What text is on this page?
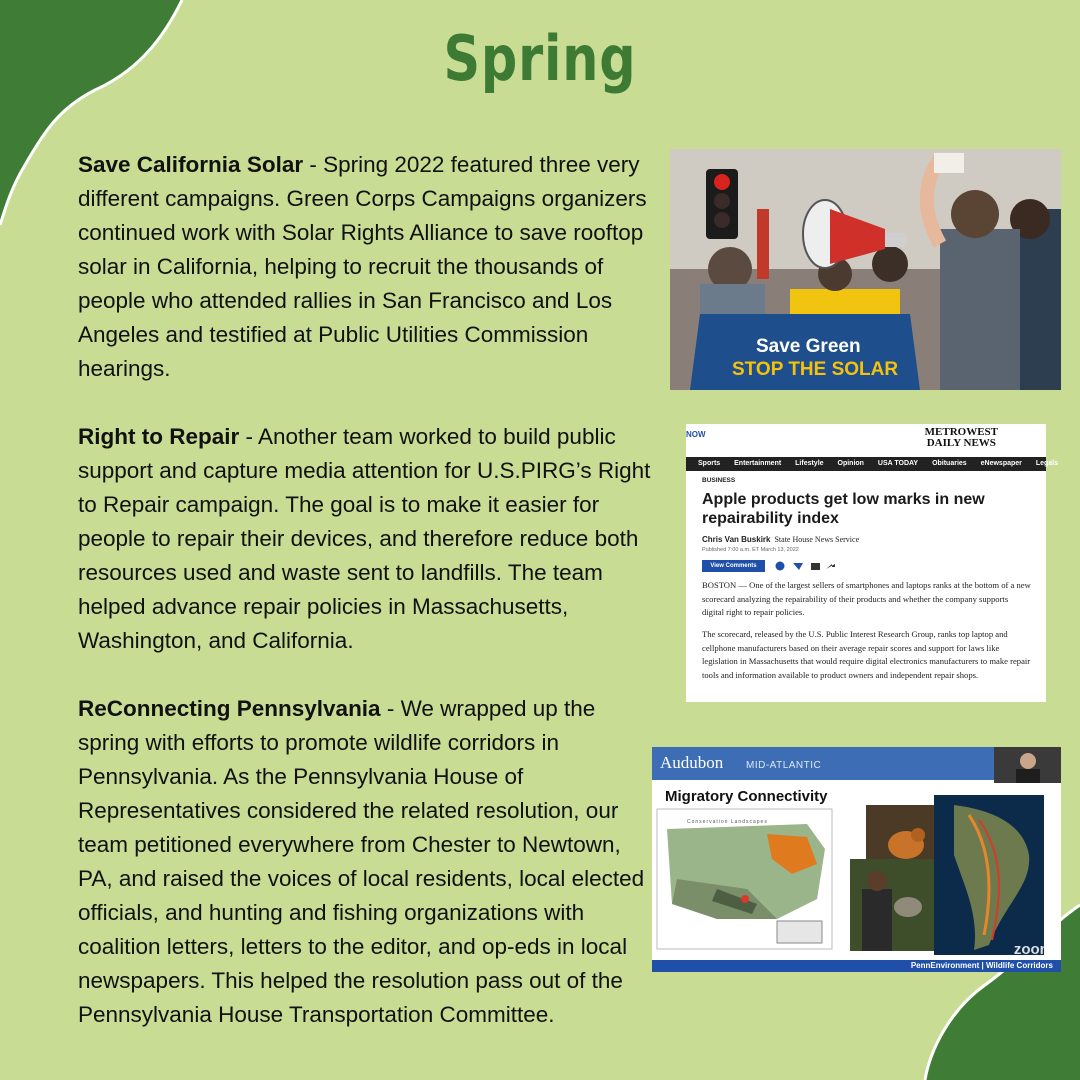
Spring

Save California Solar - Spring 2022 featured three very different campaigns. Green Corps Campaigns organizers continued work with Solar Rights Alliance to save rooftop solar in California, helping to recruit the thousands of people who attended rallies in San Francisco and Los Angeles and testified at Public Utilities Commission hearings.

Right to Repair - Another team worked to build public support and capture media attention for U.S.PIRG’s Right to Repair campaign. The goal is to make it easier for people to repair their devices, and therefore reduce both resources used and waste sent to landfills. The team helped advance repair policies in Massachusetts, Washington, and California.

ReConnecting Pennsylvania - We wrapped up the spring with efforts to promote wildlife corridors in Pennsylvania. As the Pennsylvania House of Representatives considered the related resolution, our team petitioned everywhere from Chester to Newtown, PA, and raised the voices of local residents, local elected officials, and hunting and fishing organizations with coalition letters, letters to the editor, and op-eds in local newspapers. This helped the resolution pass out of the Pennsylvania House Transportation Committee.

Save Green
STOP THE SOLAR
NOW	METROWEST
DAILY NEWS
Sports Entertainment Lifestyle Opinion USA TODAY Obituaries eNewspaper Legals
BUSINESS
Apple products get low marks in new repairability index
Chris Van Buskirk State House News Service
Published 7:00 a.m. ET March 13, 2022
View Comments

BOSTON — One of the largest sellers of smartphones and laptops ranks at the bottom of a new scorecard analyzing the repairability of their products and whether the company supports digital right to repair policies.

The scorecard, released by the U.S. Public Interest Research Group, ranks top laptop and cellphone manufacturers based on their average repair scores and support for laws like legislation in Massachusetts that would require digital electronics manufacturers to make repair tools and information available to product owners and independent repair shops.

Audubon MID-ATLANTIC
Migratory Connectivity
Conservation Landscapes
zoom
PennEnvironment | Wildlife Corridors
